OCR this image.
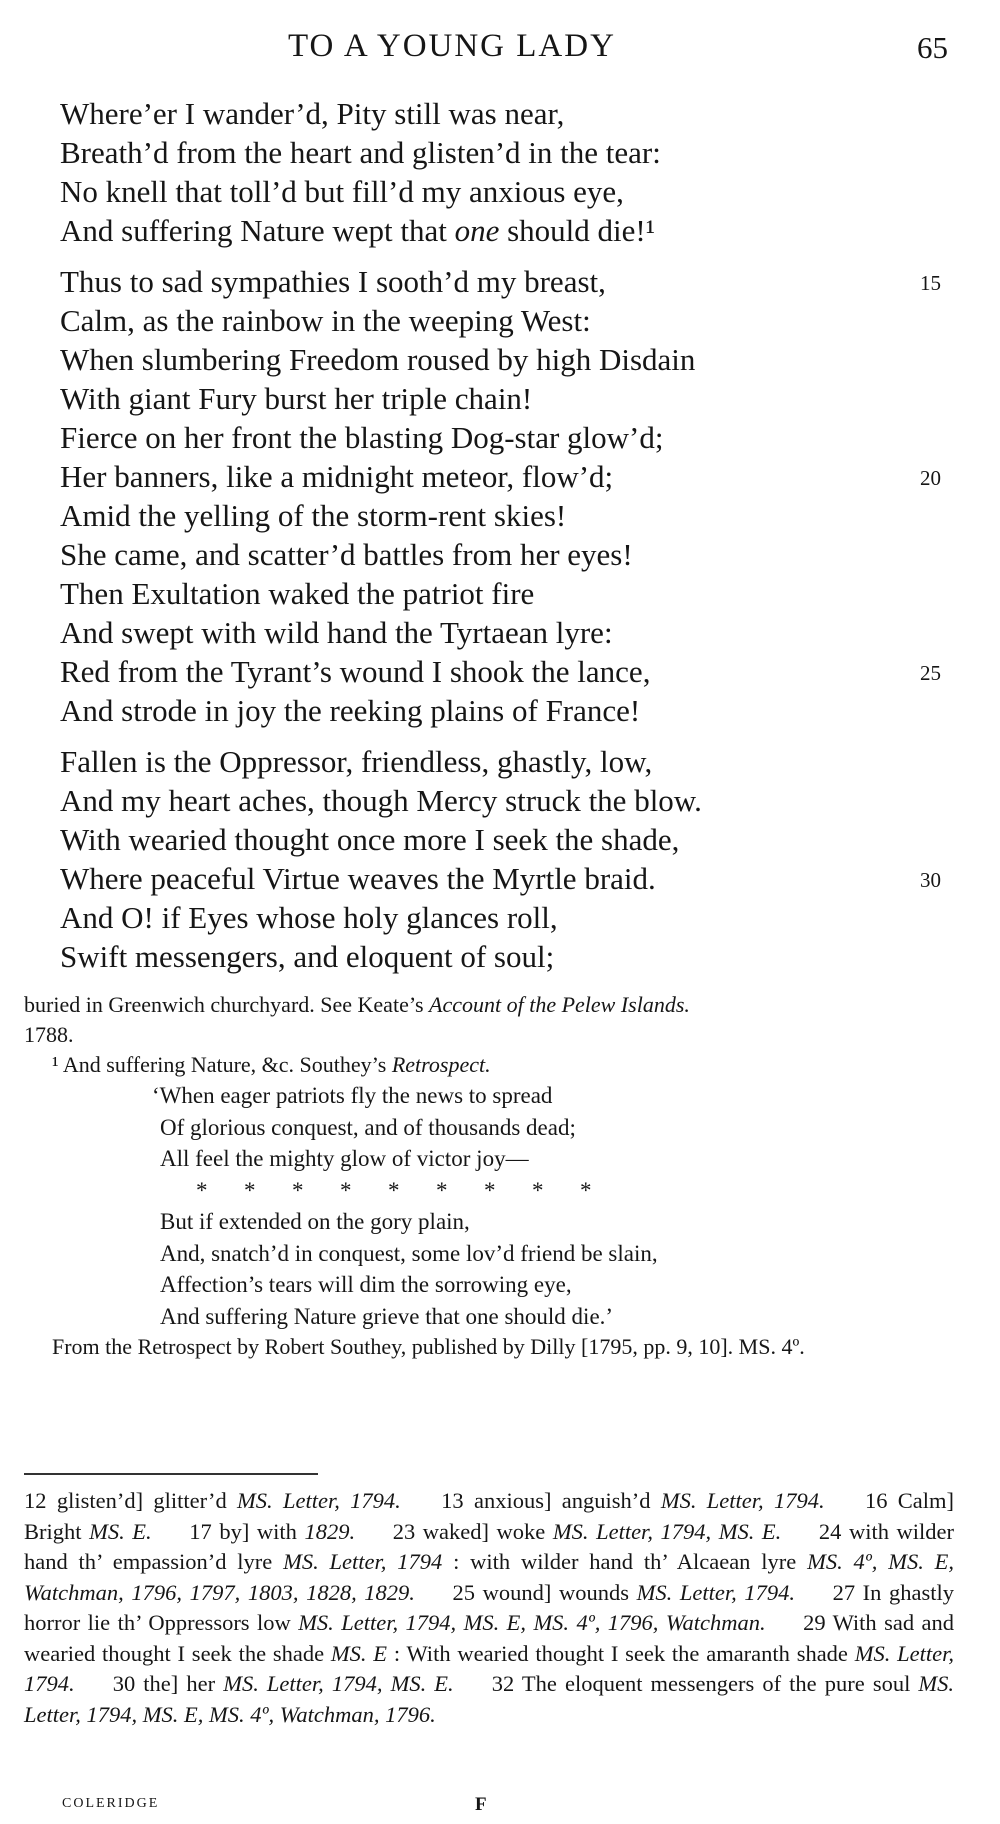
TO A YOUNG LADY	65
Where’er I wander’d, Pity still was near,
Breath’d from the heart and glisten’d in the tear:
No knell that toll’d but fill’d my anxious eye,
And suffering Nature wept that one should die!¹
Thus to sad sympathies I sooth’d my breast,	15
Calm, as the rainbow in the weeping West:
When slumbering Freedom roused by high Disdain
With giant Fury burst her triple chain!
Fierce on her front the blasting Dog-star glow’d;
Her banners, like a midnight meteor, flow’d;	20
Amid the yelling of the storm-rent skies!
She came, and scatter’d battles from her eyes!
Then Exultation waked the patriot fire
And swept with wild hand the Tyrtaean lyre:
Red from the Tyrant’s wound I shook the lance,	25
And strode in joy the reeking plains of France!
Fallen is the Oppressor, friendless, ghastly, low,
And my heart aches, though Mercy struck the blow.
With wearied thought once more I seek the shade,
Where peaceful Virtue weaves the Myrtle braid.	30
And O! if Eyes whose holy glances roll,
Swift messengers, and eloquent of soul;
buried in Greenwich churchyard. See Keate’s Account of the Pelew Islands.
1788.
¹ And suffering Nature, &c. Southey’s Retrospect.
‘When eager patriots fly the news to spread
Of glorious conquest, and of thousands dead;
All feel the mighty glow of victor joy—
* * * * * * * * *
But if extended on the gory plain,
And, snatch’d in conquest, some lov’d friend be slain,
Affection’s tears will dim the sorrowing eye,
And suffering Nature grieve that one should die.’
From the Retrospect by Robert Southey, published by Dilly [1795, pp. 9, 10]. MS. 4º.
12 glisten’d] glitter’d MS. Letter, 1794. 13 anxious] anguish’d MS. Letter, 1794. 16 Calm] Bright MS. E. 17 by] with 1829. 23 waked] woke MS. Letter, 1794, MS. E. 24 with wilder hand th’ empassion’d lyre MS. Letter, 1794 : with wilder hand th’ Alcaean lyre MS. 4º, MS. E, Watchman, 1796, 1797, 1803, 1828, 1829. 25 wound] wounds MS. Letter, 1794. 27 In ghastly horror lie th’ Oppressors low MS. Letter, 1794, MS. E, MS. 4º, 1796, Watchman. 29 With sad and wearied thought I seek the shade MS. E : With wearied thought I seek the amaranth shade MS. Letter, 1794. 30 the] her MS. Letter, 1794, MS. E. 32 The eloquent messengers of the pure soul MS. Letter, 1794, MS. E, MS. 4º, Watchman, 1796.
COLERIDGE	F
